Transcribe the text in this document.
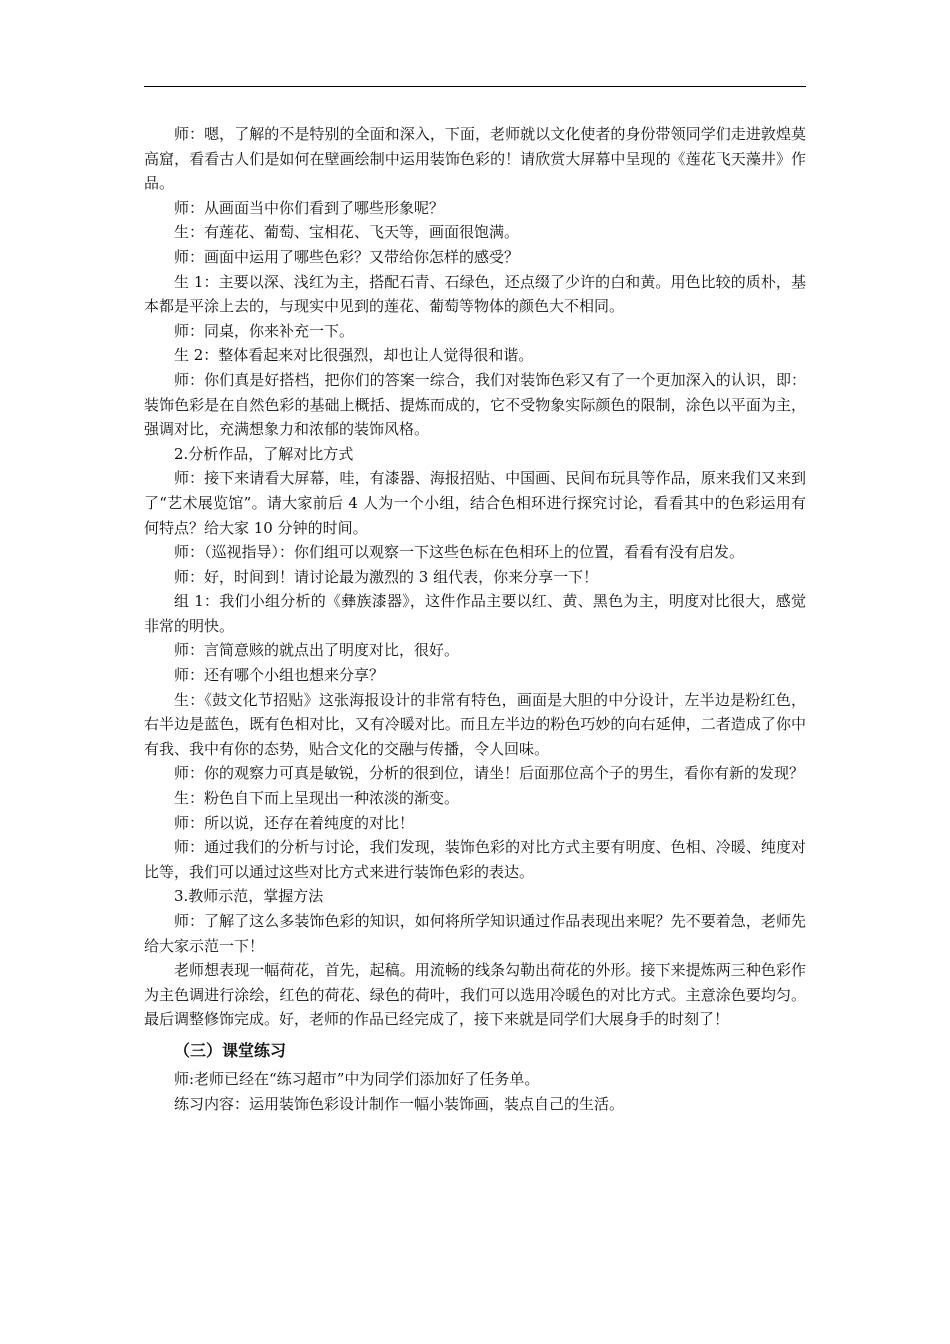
师：嗯，了解的不是特别的全面和深入，下面，老师就以文化使者的身份带领同学们走进敦煌莫高窟，看看古人们是如何在壁画绘制中运用装饰色彩的！请欣赏大屏幕中呈现的《莲花飞天藻井》作品。

师：从画面当中你们看到了哪些形象呢？

生：有莲花、葡萄、宝相花、飞天等，画面很饱满。

师：画面中运用了哪些色彩？又带给你怎样的感受？

生 1：主要以深、浅红为主，搭配石青、石绿色，还点缀了少许的白和黄。用色比较的质朴，基本都是平涂上去的，与现实中见到的莲花、葡萄等物体的颜色大不相同。

师：同桌，你来补充一下。

生 2：整体看起来对比很强烈，却也让人觉得很和谐。

师：你们真是好搭档，把你们的答案一综合，我们对装饰色彩又有了一个更加深入的认识，即：装饰色彩是在自然色彩的基础上概括、提炼而成的，它不受物象实际颜色的限制，涂色以平面为主，强调对比，充满想象力和浓郁的装饰风格。

2.分析作品，了解对比方式

师：接下来请看大屏幕，哇，有漆器、海报招贴、中国画、民间布玩具等作品，原来我们又来到了“艺术展览馆”。请大家前后 4 人为一个小组，结合色相环进行探究讨论，看看其中的色彩运用有何特点？给大家 10 分钟的时间。

师：（巡视指导）：你们组可以观察一下这些色标在色相环上的位置，看看有没有启发。

师：好，时间到！请讨论最为激烈的 3 组代表，你来分享一下！

组 1：我们小组分析的《彝族漆器》，这件作品主要以红、黄、黑色为主，明度对比很大，感觉非常的明快。

师：言简意赅的就点出了明度对比，很好。

师：还有哪个小组也想来分享？

生：《鼓文化节招贴》这张海报设计的非常有特色，画面是大胆的中分设计，左半边是粉红色，右半边是蓝色，既有色相对比，又有冷暖对比。而且左半边的粉色巧妙的向右延伸，二者造成了你中有我、我中有你的态势，贴合文化的交融与传播，令人回味。

师：你的观察力可真是敏锐，分析的很到位，请坐！后面那位高个子的男生，看你有新的发现？

生：粉色自下而上呈现出一种浓淡的渐变。

师：所以说，还存在着纯度的对比！

师：通过我们的分析与讨论，我们发现，装饰色彩的对比方式主要有明度、色相、冷暖、纯度对比等，我们可以通过这些对比方式来进行装饰色彩的表达。

3.教师示范，掌握方法

师：了解了这么多装饰色彩的知识，如何将所学知识通过作品表现出来呢？先不要着急，老师先给大家示范一下！

老师想表现一幅荷花，首先，起稿。用流畅的线条勾勒出荷花的外形。接下来提炼两三种色彩作为主色调进行涂绘，红色的荷花、绿色的荷叶，我们可以选用冷暖色的对比方式。主意涂色要均匀。最后调整修饰完成。好，老师的作品已经完成了，接下来就是同学们大展身手的时刻了！

（三）课堂练习

师:老师已经在“练习超市”中为同学们添加好了任务单。

练习内容：运用装饰色彩设计制作一幅小装饰画，装点自己的生活。
